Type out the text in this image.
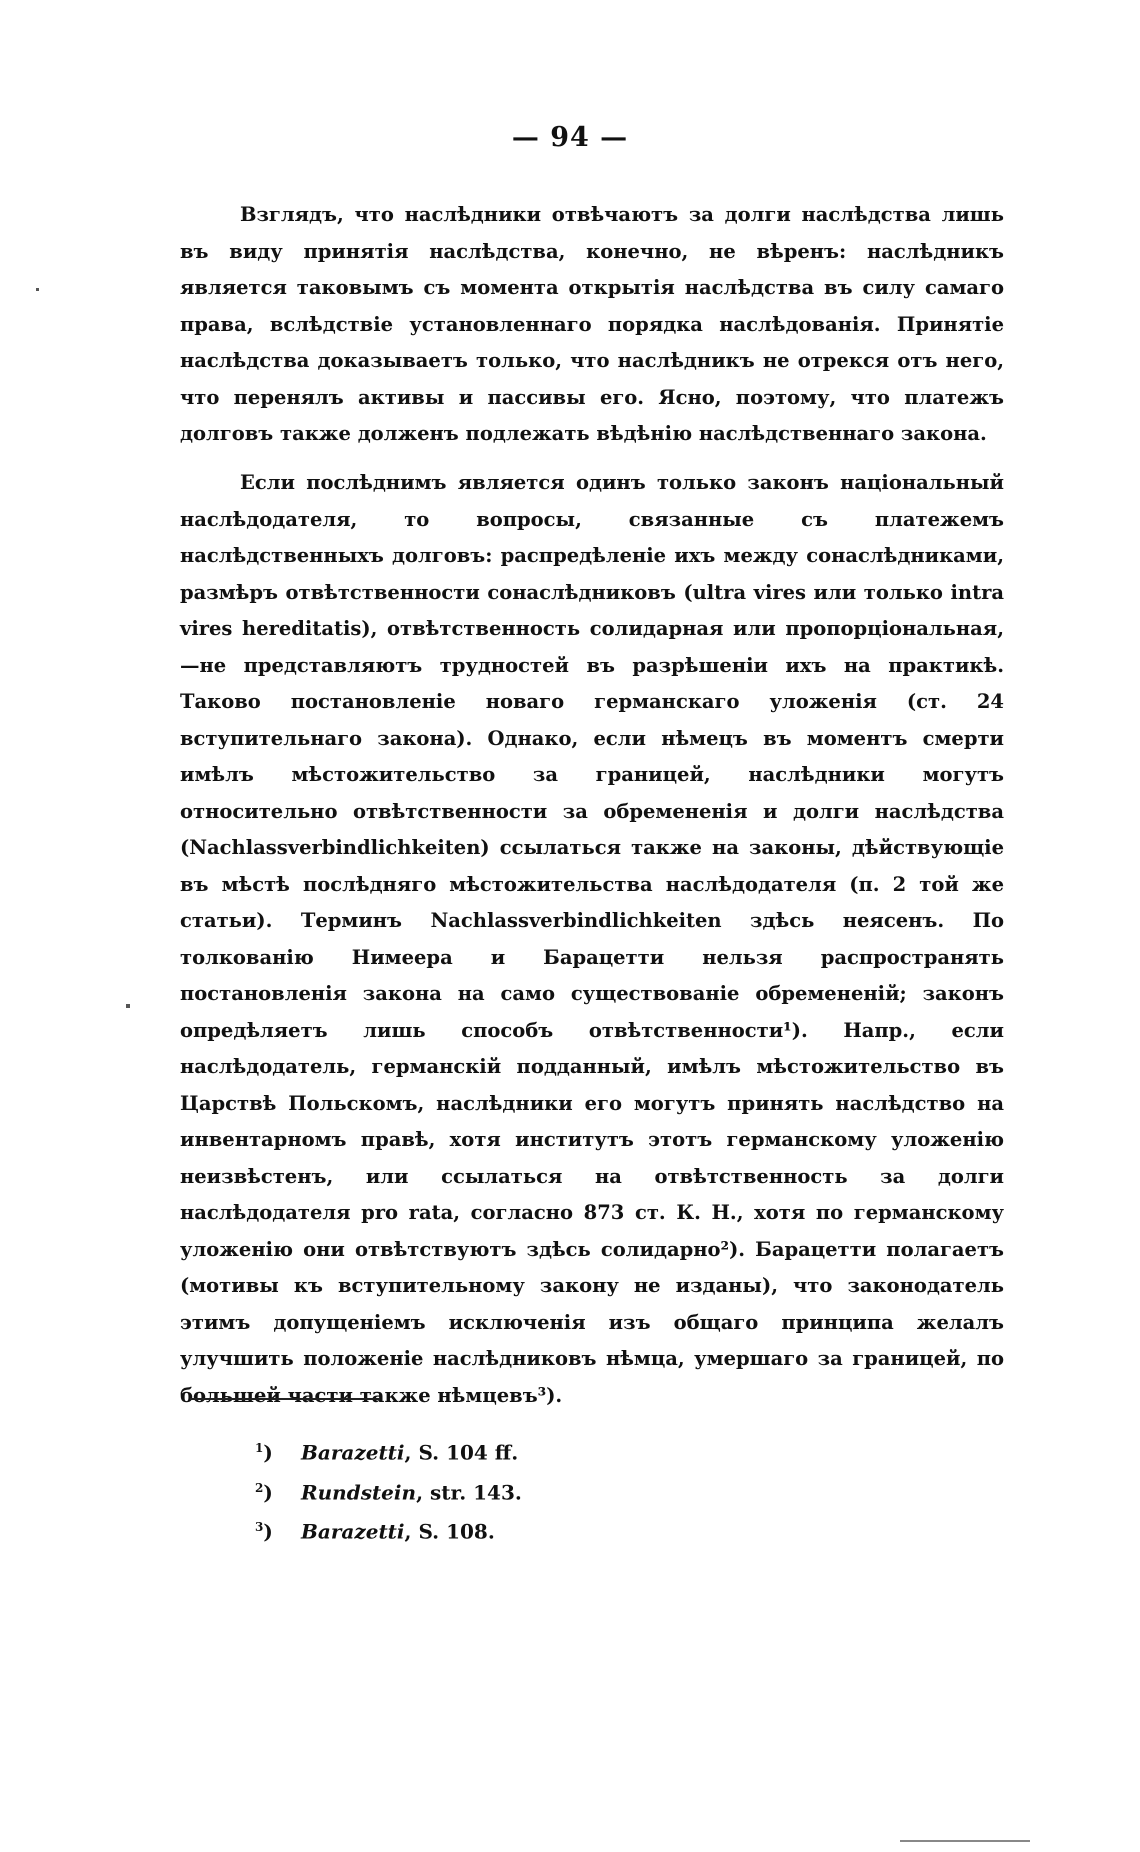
— 94 —
Взглядъ, что наслѣдники отвѣчаютъ за долги наслѣдства лишь въ виду принятія наслѣдства, конечно, не вѣренъ: наслѣдникъ является таковымъ съ момента открытія наслѣдства въ силу самаго права, вслѣдствіе установленнаго порядка наслѣдованія. Принятіе наслѣдства доказываетъ только, что наслѣдникъ не отрекся отъ него, что перенялъ активы и пассивы его. Ясно, поэтому, что платежъ долговъ также долженъ подлежать вѣдѣнію наслѣдственнаго закона.
Если послѣднимъ является одинъ только законъ національный наслѣдодателя, то вопросы, связанные съ платежемъ наслѣдственныхъ долговъ: распредѣленіе ихъ между сонаслѣдниками, размѣръ отвѣтственности сонаслѣдниковъ (ultra vires или только intra vires hereditatis), отвѣтственность солидарная или пропорціональная,—не представляютъ трудностей въ разрѣшеніи ихъ на практикѣ. Таково постановленіе новаго германскаго уложенія (ст. 24 вступительнаго закона). Однако, если нѣмецъ въ моментъ смерти имѣлъ мѣстожительство за границей, наслѣдники могутъ относительно отвѣтственности за обремененія и долги наслѣдства (Nachlassverbindlichkeiten) ссылаться также на законы, дѣйствующіе въ мѣстѣ послѣдняго мѣстожительства наслѣдодателя (п. 2 той же статьи). Терминъ Nachlassverbindlichkeiten здѣсь неясенъ. По толкованію Нимеера и Барацетти нельзя распространять постановленія закона на само существованіе обремененій; законъ опредѣляетъ лишь способъ отвѣтственности¹). Напр., если наслѣдодатель, германскій подданный, имѣлъ мѣстожительство въ Царствѣ Польскомъ, наслѣдники его могутъ принять наслѣдство на инвентарномъ правѣ, хотя институтъ этотъ германскому уложенію неизвѣстенъ, или ссылаться на отвѣтственность за долги наслѣдодателя pro rata, согласно 873 ст. К. Н., хотя по германскому уложенію они отвѣтствуютъ здѣсь солидарно²). Барацетти полагаетъ (мотивы къ вступительному закону не изданы), что законодатель этимъ допущеніемъ исключенія изъ общаго принципа желалъ улучшить положеніе наслѣдниковъ нѣмца, умершаго за границей, по большей части также нѣмцевъ³).
$^1$) Barazetti, S. 104 ff.
$^2$) Rundstein, str. 143.
$^3$) Barazetti, S. 108.
